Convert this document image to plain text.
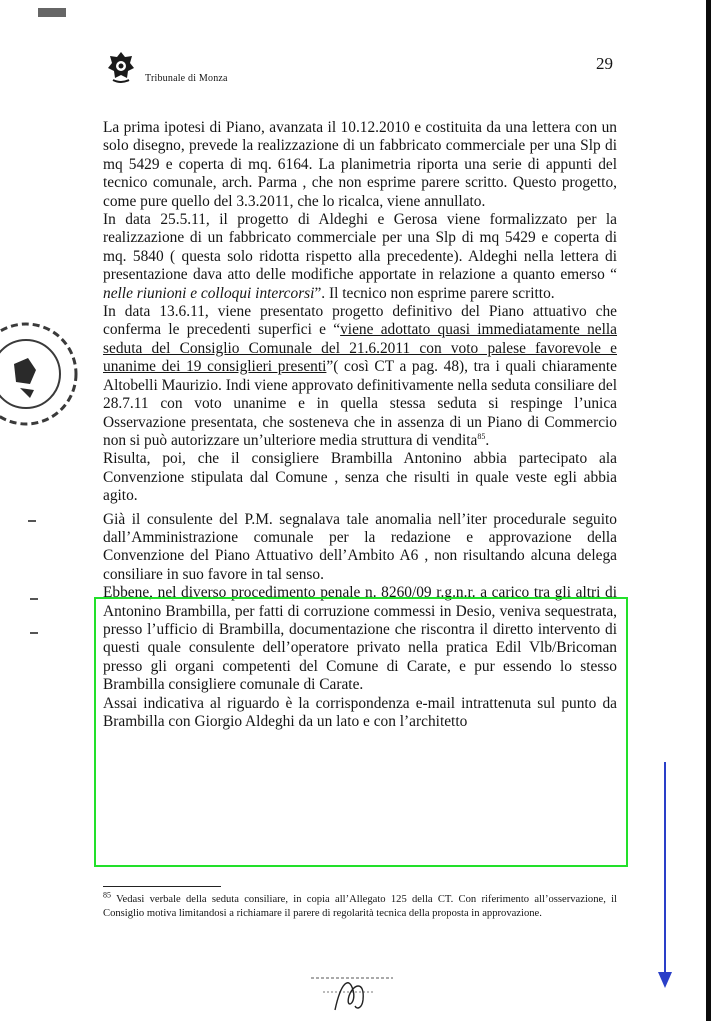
Tribunale di Monza
29

La prima ipotesi di Piano, avanzata il 10.12.2010 e costituita da una lettera con un solo disegno, prevede la realizzazione di un fabbricato commerciale per una Slp di mq 5429 e coperta di mq. 6164. La planimetria riporta una serie di appunti del tecnico comunale, arch. Parma , che non esprime parere scritto. Questo progetto, come pure quello del 3.3.2011, che lo ricalca, viene annullato.

In data 25.5.11, il progetto di Aldeghi e Gerosa viene formalizzato per la realizzazione di un fabbricato commerciale per una Slp di mq 5429 e coperta di mq. 5840 ( questa solo ridotta rispetto alla precedente). Aldeghi nella lettera di presentazione dava atto delle modifiche apportate in relazione a quanto emerso “ nelle riunioni e colloqui intercorsi”. Il tecnico non esprime parere scritto.

In data 13.6.11, viene presentato progetto definitivo del Piano attuativo che conferma le precedenti superfici e “viene adottato quasi immediatamente nella seduta del Consiglio Comunale del 21.6.2011 con voto palese favorevole e unanime dei 19 consiglieri presenti”( così CT a pag. 48), tra i quali chiaramente Altobelli Maurizio. Indi viene approvato definitivamente nella seduta consiliare del 28.7.11 con voto unanime e in quella stessa seduta si respinge l’unica Osservazione presentata, che sosteneva che in assenza di un Piano di Commercio non si può autorizzare un’ulteriore media struttura di vendita$^{85}$.

Risulta, poi, che il consigliere Brambilla Antonino abbia partecipato ala Convenzione stipulata dal Comune , senza che risulti in quale veste egli abbia agito.

Già il consulente del P.M. segnalava tale anomalia nell’iter procedurale seguito dall’Amministrazione comunale per la redazione e approvazione della Convenzione del Piano Attuativo dell’Ambito A6 , non risultando alcuna delega consiliare in suo favore in tal senso.

Ebbene, nel diverso procedimento penale n. 8260/09 r.g.n.r. a carico tra gli altri di Antonino Brambilla, per fatti di corruzione commessi in Desio, veniva sequestrata, presso l’ufficio di Brambilla, documentazione che riscontra il diretto intervento di questi quale consulente dell’operatore privato nella pratica Edil Vlb/Bricoman presso gli organi competenti del Comune di Carate, e pur essendo lo stesso Brambilla consigliere comunale di Carate.

Assai indicativa al riguardo è la corrispondenza e-mail intrattenuta sul punto da Brambilla con Giorgio Aldeghi da un lato e con l’architetto

$^{85}$ Vedasi verbale della seduta consiliare, in copia all’Allegato 125 della CT. Con riferimento all’osservazione, il Consiglio motiva limitandosi a richiamare il parere di regolarità tecnica della proposta in approvazione.
